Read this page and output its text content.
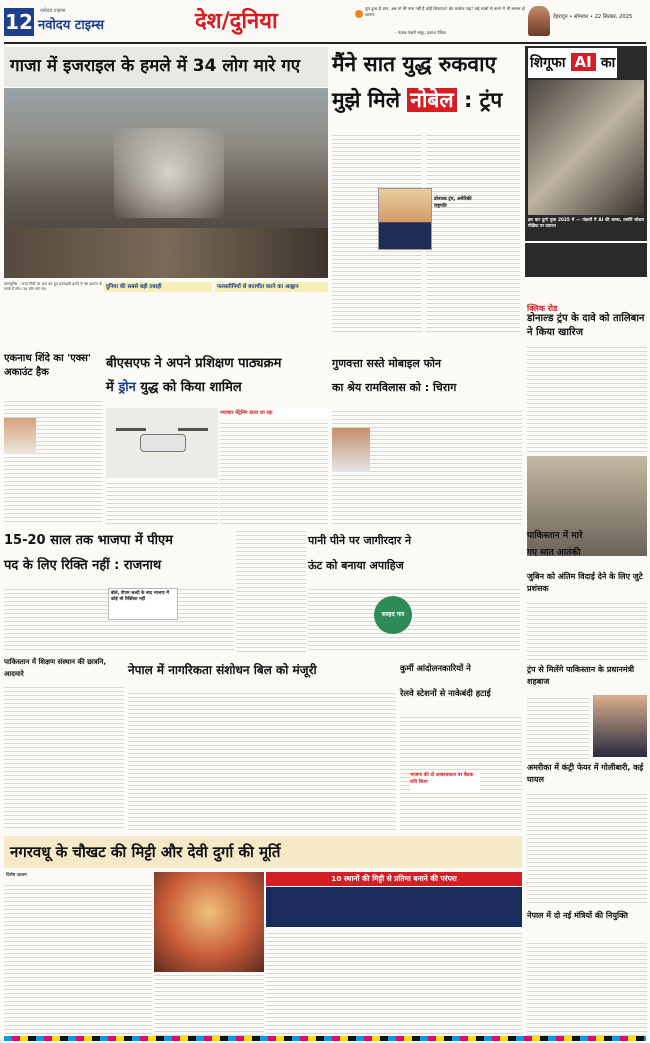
12 नवोदय टाइम्स
नवोदय टाइम्स	देश/दुनिया
पूरा हुआ है ज्ञान, अब तो मेरे पास नहीं है कोई शिकायत! ग्रेड कालेज पढ़ा! कई सालों से करने में भी सम्बल हो जाएगा
- पंजाब केसरी समूह, प्रकाश वैदिक
देहरादून • सोमवार • 22 सितंबर, 2025
गाजा में इजराइल के हमले में 34 लोग मारे गए
खानयूनिस : गाजा सिटी पर हवा बम हुए इजराइली हमले में नष्ट इमारत के मलबे में लोग। 34 लोग मारे गए।	दुनिया की सबसे बड़ी तबाही	फलस्तीनियों से बातचीत करने का आह्वान
मैंने सात युद्ध रुकवाए
मुझे मिले नोबेल : ट्रंप
डोनाल्ड ट्रंप, अमेरिकी राष्ट्रपति
शिगूफा AI का
इस बार दुर्गा पूजा 2025 में — पंडालों में AI की चमक, तस्वीरें सोशल मीडिया पर वायरल
क्लिक रोड
डोनाल्ड ट्रंप के दावे को तालिबान ने किया खारिज
जुबिन को अंतिम विदाई देने के लिए जुटे प्रशंसक
ट्रंप से मिलेंगे पाकिस्तान के प्रधानमंत्री शहबाज
अमरीका में कंट्री फेयर में गोलीबारी, कई घायल
नेपाल में दो नई मंत्रियों की नियुक्ति
एकनाथ शिंदे का 'एक्स' अकाउंट हैक
बीएसएफ ने अपने प्रशिक्षण पाठ्यक्रम
में ड्रोन युद्ध को किया शामिल
नयाचार मेंट्रेनिंग डाला जा रहा
गुणवत्ता सस्ते मोबाइल फोन
का श्रेय रामविलास को : चिराग
15-20 साल तक भाजपा में पीएम
पद के लिए रिक्ति नहीं : राजनाथ
बोले, पीएम जल्दी के बाद भाजपा में कोई भी रिक्तिया नहीं
पानी पीने पर जागीरदार ने
ऊंट को बनाया अपाहिज
सरहद पार
पाकिस्तान में मारे
गए सात आतंकी
पाकिस्तान में शिक्षण संस्थान की छात्रनि, आदमारे	नेपाल में नागरिकता संशोधन बिल को मंजूरी	कुर्मी आंदोलनकारियों ने
रेलवे स्टेशनों से नाकेबंदी हटाई
भाजपा की दो आवश्यकता पर बैठक रात्रि किया
नगरवधू के चौखट की मिट्टी और देवी दुर्गा की मूर्ति
विशेष आलम	10 स्थानों की मिट्टी से प्रतिमा बनाने की परंपरा
